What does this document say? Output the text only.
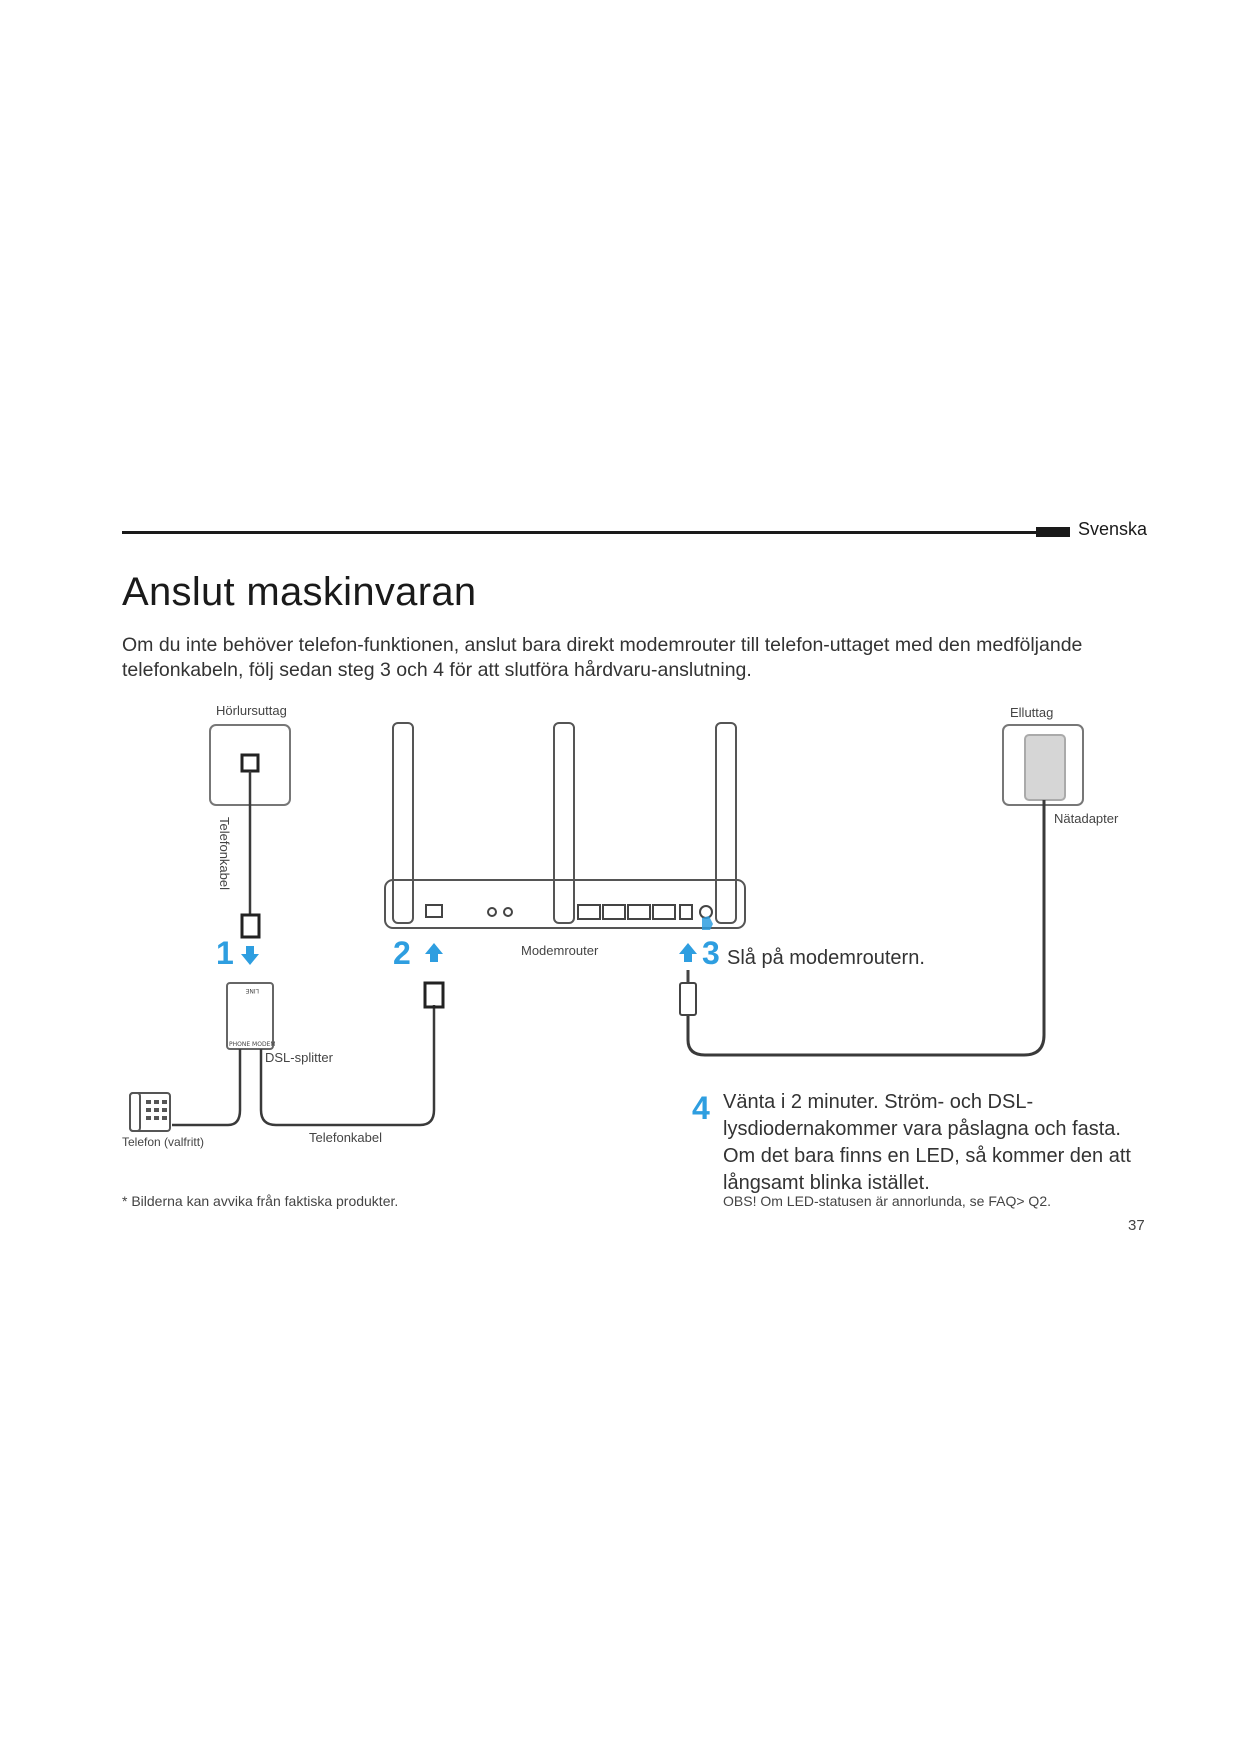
Svenska
Anslut maskinvaran
Om du inte behöver telefon-funktionen, anslut bara direkt modemrouter till telefon-uttaget med den medföljande telefonkabeln, följ sedan steg 3 och 4 för att slutföra hårdvaru-anslutning.
LINE
PHONE MODEM
Hörlursuttag
Telefonkabel
Elluttag
Nätadapter
Modemrouter
DSL-splitter
Telefon (valfritt)	Telefonkabel
1	2	3 Slå på modemroutern.
4 Vänta i 2 minuter. Ström- och DSL-lysdiodernakommer vara påslagna och fasta. Om det bara finns en LED, så kommer den att långsamt blinka istället.
* Bilderna kan avvika från faktiska produkter.	OBS! Om LED-statusen är annorlunda, se FAQ> Q2.
37
